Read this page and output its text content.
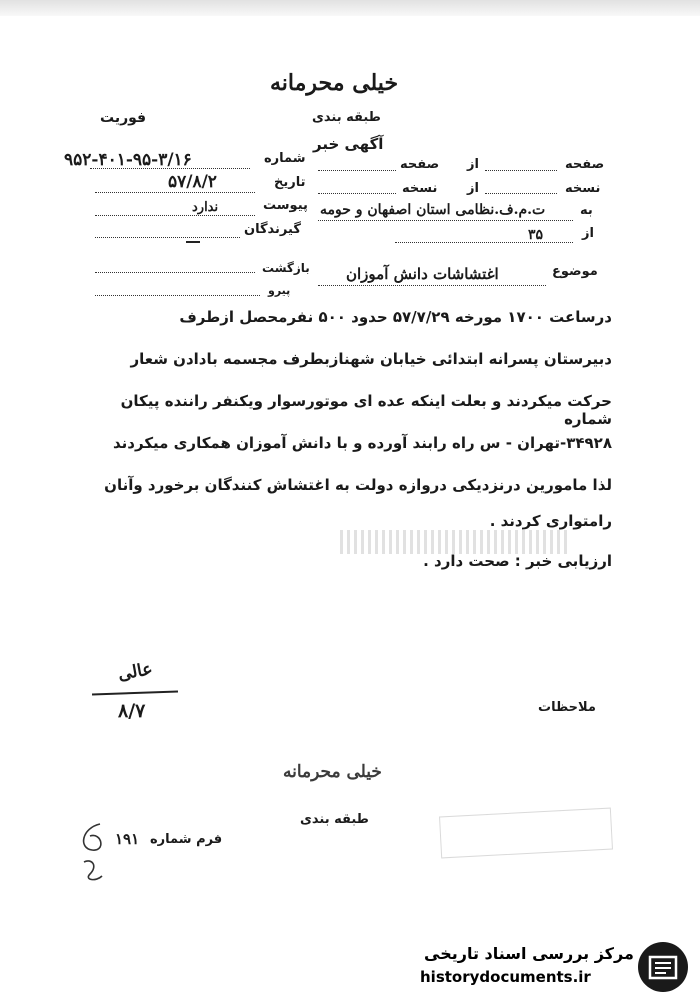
خیلی محرمانه
طبقه بندی
آگهی خبر
فوریت
شماره
۹۵۲-۴۰۱-۹۵-۳/۱۶
تاریخ
۵۷/۸/۲
پیوست
ندارد
گیرندگان
صفحه
از
صفحه
نسخه
از
نسخه
به
ت.م.ف.نظامی استان اصفهان و حومه
از
۳۵
بازگشت
پیرو
موضوع
اغتشاشات دانش آموزان
درساعت ۱۷۰۰ مورخه ۵۷/۷/۲۹ حدود ۵۰۰ نفرمحصل ازطرف
دبیرستان پسرانه ابتدائی خیابان شهنازبطرف مجسمه بادادن شعار
حرکت میکردند و بعلت اینکه عده ای موتورسوار ویکنفر راننده پیکان شماره
۳۴۹۲۸-تهران - س راه رابند آورده و با دانش آموزان همکاری میکردند
لذا مامورین درنزدیکی دروازه دولت به اغتشاش کنندگان برخورد وآنان
رامتواری کردند .
ارزیابی خبر : صحت دارد .
عالی
۸/۷	ملاحظات
خیلی محرمانه
طبقه بندی
فرم شماره
۱۹۱
مرکز بررسی اسناد تاریخی
historydocuments.ir
